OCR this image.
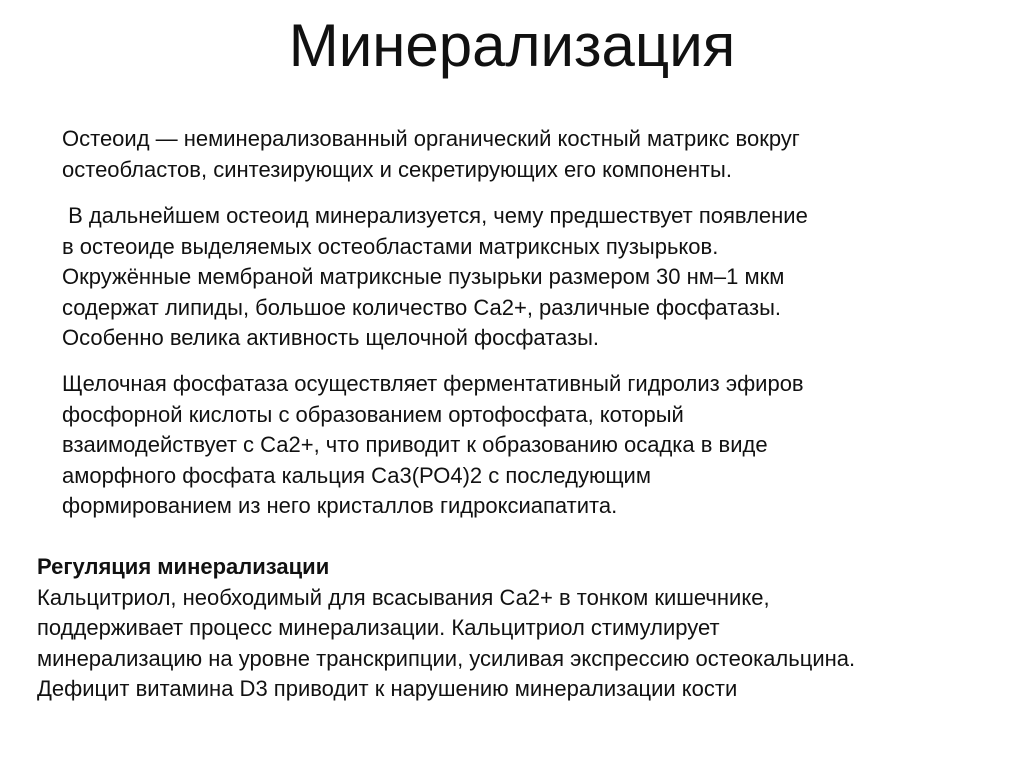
Минерализация
Остеоид — неминерализованный органический костный матрикс вокруг
остеобластов, синтезирующих и секретирующих его компоненты.
В дальнейшем остеоид минерализуется, чему предшествует появление
в остеоиде выделяемых остеобластами матриксных пузырьков.
Окружённые мембраной матриксные пузырьки размером 30 нм–1 мкм
содержат липиды, большое количество Са2+, различные фосфатазы.
Особенно велика активность щелочной фосфатазы.
Щелочная фосфатаза осуществляет ферментативный гидролиз эфиров
фосфорной кислоты с образованием ортофосфата, который
взаимодействует с Са2+, что приводит к образованию осадка в виде
аморфного фосфата кальция Са3(РО4)2 с последующим
формированием из него кристаллов гидроксиапатита.
Регуляция минерализации
Кальцитриол, необходимый для всасывания Са2+ в тонком кишечнике,
поддерживает процесс минерализации. Кальцитриол стимулирует
минерализацию на уровне транскрипции, усиливая экспрессию остеокальцина.
Дефицит витамина D3 приводит к нарушению минерализации кости
